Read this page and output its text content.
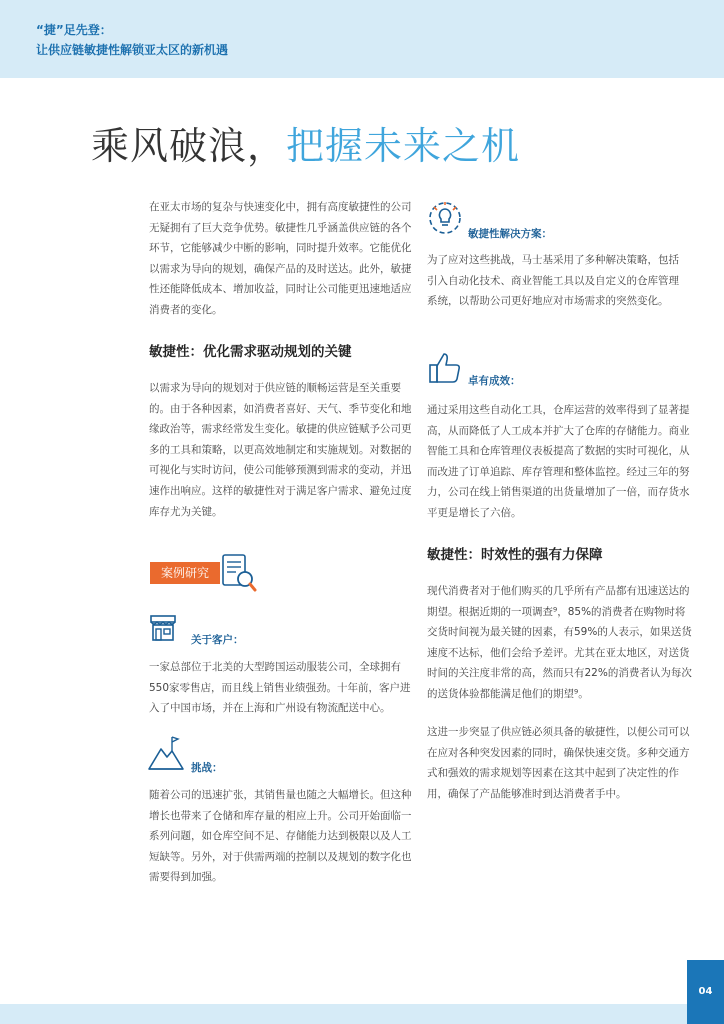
“捷”足先登：
让供应链敏捷性解锁亚太区的新机遇
乘风破浪，把握未来之机
在亚太市场的复杂与快速变化中，拥有高度敏捷性的公司无疑拥有了巨大竞争优势。敏捷性几乎涵盖供应链的各个环节，它能够减少中断的影响，同时提升效率。它能优化以需求为导向的规划，确保产品的及时送达。此外，敏捷性还能降低成本、增加收益，同时让公司能更迅速地适应消费者的变化。
敏捷性：优化需求驱动规划的关键
以需求为导向的规划对于供应链的顺畅运营是至关重要的。由于各种因素，如消费者喜好、天气、季节变化和地缘政治等，需求经常发生变化。敏捷的供应链赋予公司更多的工具和策略，以更高效地制定和实施规划。对数据的可视化与实时访问，使公司能够预测到需求的变动，并迅速作出响应。这样的敏捷性对于满足客户需求、避免过度库存尤为关键。
案例研究
关于客户：
一家总部位于北美的大型跨国运动服装公司，全球拥有550家零售店，而且线上销售业绩强劲。十年前，客户进入了中国市场，并在上海和广州设有物流配送中心。
挑战：
随着公司的迅速扩张，其销售量也随之大幅增长。但这种增长也带来了仓储和库存量的相应上升。公司开始面临一系列问题，如仓库空间不足、存储能力达到极限以及人工短缺等。另外，对于供需两端的控制以及规划的数字化也需要得到加强。
敏捷性解决方案：
为了应对这些挑战，马士基采用了多种解决策略，包括引入自动化技术、商业智能工具以及自定义的仓库管理系统，以帮助公司更好地应对市场需求的突然变化。
卓有成效：
通过采用这些自动化工具，仓库运营的效率得到了显著提高，从而降低了人工成本并扩大了仓库的存储能力。商业智能工具和仓库管理仪表板提高了数据的实时可视化，从而改进了订单追踪、库存管理和整体监控。经过三年的努力，公司在线上销售渠道的出货量增加了一倍，而存货水平更是增长了六倍。
敏捷性：时效性的强有力保障
现代消费者对于他们购买的几乎所有产品都有迅速送达的期望。根据近期的一项调查⁹，85%的消费者在购物时将交货时间视为最关键的因素，有59%的人表示，如果送货速度不达标，他们会给予差评。尤其在亚太地区，对送货时间的关注度非常的高，然而只有22%的消费者认为每次的送货体验都能满足他们的期望⁹。
这进一步突显了供应链必须具备的敏捷性，以便公司可以在应对各种突发因素的同时，确保快速交货。多种交通方式和强效的需求规划等因素在这其中起到了决定性的作用，确保了产品能够准时到达消费者手中。
04
